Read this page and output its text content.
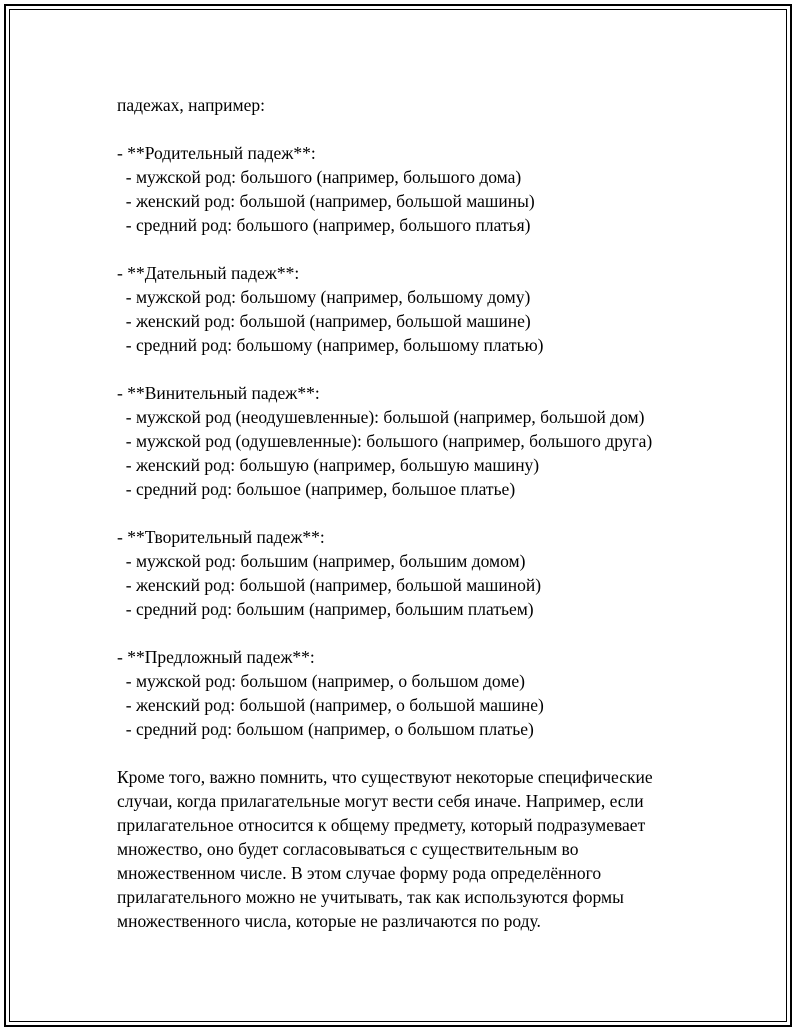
падежах, например:
- **Родительный падеж**:
- мужской род: большого (например, большого дома)
- женский род: большой (например, большой машины)
- средний род: большого (например, большого платья)
- **Дательный падеж**:
- мужской род: большому (например, большому дому)
- женский род: большой (например, большой машине)
- средний род: большому (например, большому платью)
- **Винительный падеж**:
- мужской род (неодушевленные): большой (например, большой дом)
- мужской род (одушевленные): большого (например, большого друга)
- женский род: большую (например, большую машину)
- средний род: большое (например, большое платье)
- **Творительный падеж**:
- мужской род: большим (например, большим домом)
- женский род: большой (например, большой машиной)
- средний род: большим (например, большим платьем)
- **Предложный падеж**:
- мужской род: большом (например, о большом доме)
- женский род: большой (например, о большой машине)
- средний род: большом (например, о большом платье)
Кроме того, важно помнить, что существуют некоторые специфические
случаи, когда прилагательные могут вести себя иначе. Например, если
прилагательное относится к общему предмету, который подразумевает
множество, оно будет согласовываться с существительным во
множественном числе. В этом случае форму рода определённого
прилагательного можно не учитывать, так как используются формы
множественного числа, которые не различаются по роду.
